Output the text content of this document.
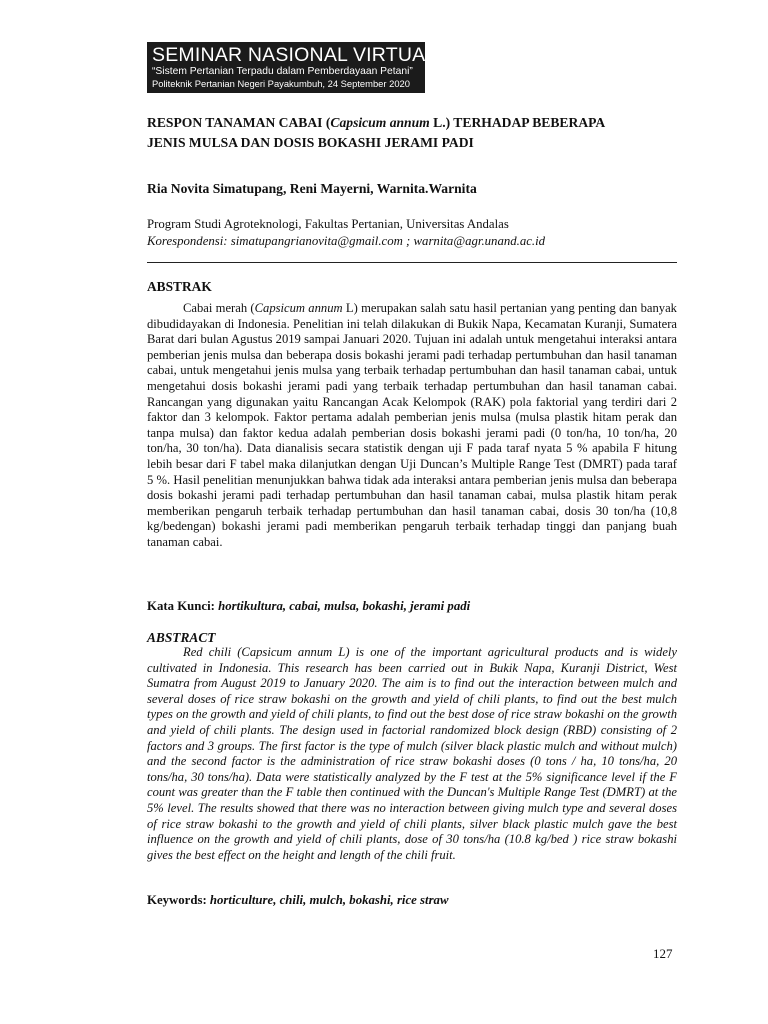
SEMINAR NASIONAL VIRTUAL
“Sistem Pertanian Terpadu dalam Pemberdayaan Petani”
Politeknik Pertanian Negeri Payakumbuh, 24 September 2020
RESPON TANAMAN CABAI (Capsicum annum L.) TERHADAP BEBERAPA
JENIS MULSA DAN DOSIS BOKASHI JERAMI PADI
Ria Novita Simatupang, Reni Mayerni, Warnita.Warnita
Program Studi Agroteknologi, Fakultas Pertanian, Universitas Andalas
Korespondensi: simatupangrianovita@gmail.com ; warnita@agr.unand.ac.id
ABSTRAK

Cabai merah (Capsicum annum L) merupakan salah satu hasil pertanian yang penting dan banyak dibudidayakan di Indonesia. Penelitian ini telah dilakukan di Bukik Napa, Kecamatan Kuranji, Sumatera Barat dari bulan Agustus 2019 sampai Januari 2020. Tujuan ini adalah untuk mengetahui interaksi antara pemberian jenis mulsa dan beberapa dosis bokashi jerami padi terhadap pertumbuhan dan hasil tanaman cabai, untuk mengetahui jenis mulsa yang terbaik terhadap pertumbuhan dan hasil tanaman cabai, untuk mengetahui dosis bokashi jerami padi yang terbaik terhadap pertumbuhan dan hasil tanaman cabai. Rancangan yang digunakan yaitu Rancangan Acak Kelompok (RAK) pola faktorial yang terdiri dari 2 faktor dan 3 kelompok. Faktor pertama adalah pemberian jenis mulsa (mulsa plastik hitam perak dan tanpa mulsa) dan faktor kedua adalah pemberian dosis bokashi jerami padi (0 ton/ha, 10 ton/ha, 20 ton/ha, 30 ton/ha). Data dianalisis secara statistik dengan uji F pada taraf nyata 5 % apabila F hitung lebih besar dari F tabel maka dilanjutkan dengan Uji Duncan’s Multiple Range Test (DMRT) pada taraf 5 %. Hasil penelitian menunjukkan bahwa tidak ada interaksi antara pemberian jenis mulsa dan beberapa dosis bokashi jerami padi terhadap pertumbuhan dan hasil tanaman cabai, mulsa plastik hitam perak memberikan pengaruh terbaik terhadap pertumbuhan dan hasil tanaman cabai, dosis 30 ton/ha (10,8 kg/bedengan) bokashi jerami padi memberikan pengaruh terbaik terhadap tinggi dan panjang buah tanaman cabai.

Kata Kunci: hortikultura, cabai, mulsa, bokashi, jerami padi
ABSTRACT

Red chili (Capsicum annum L) is one of the important agricultural products and is widely cultivated in Indonesia. This research has been carried out in Bukik Napa, Kuranji District, West Sumatra from August 2019 to January 2020. The aim is to find out the interaction between mulch and several doses of rice straw bokashi on the growth and yield of chili plants, to find out the best mulch types on the growth and yield of chili plants, to find out the best dose of rice straw bokashi on the growth and yield of chili plants. The design used in factorial randomized block design (RBD) consisting of 2 factors and 3 groups. The first factor is the type of mulch (silver black plastic mulch and without mulch) and the second factor is the administration of rice straw bokashi doses (0 tons / ha, 10 tons/ha, 20 tons/ha, 30 tons/ha). Data were statistically analyzed by the F test at the 5% significance level if the F count was greater than the F table then continued with the Duncan's Multiple Range Test (DMRT) at the 5% level. The results showed that there was no interaction between giving mulch type and several doses of rice straw bokashi to the growth and yield of chili plants, silver black plastic mulch gave the best influence on the growth and yield of chili plants, dose of 30 tons/ha (10.8 kg/bed ) rice straw bokashi gives the best effect on the height and length of the chili fruit.

Keywords: horticulture, chili, mulch, bokashi, rice straw
127
